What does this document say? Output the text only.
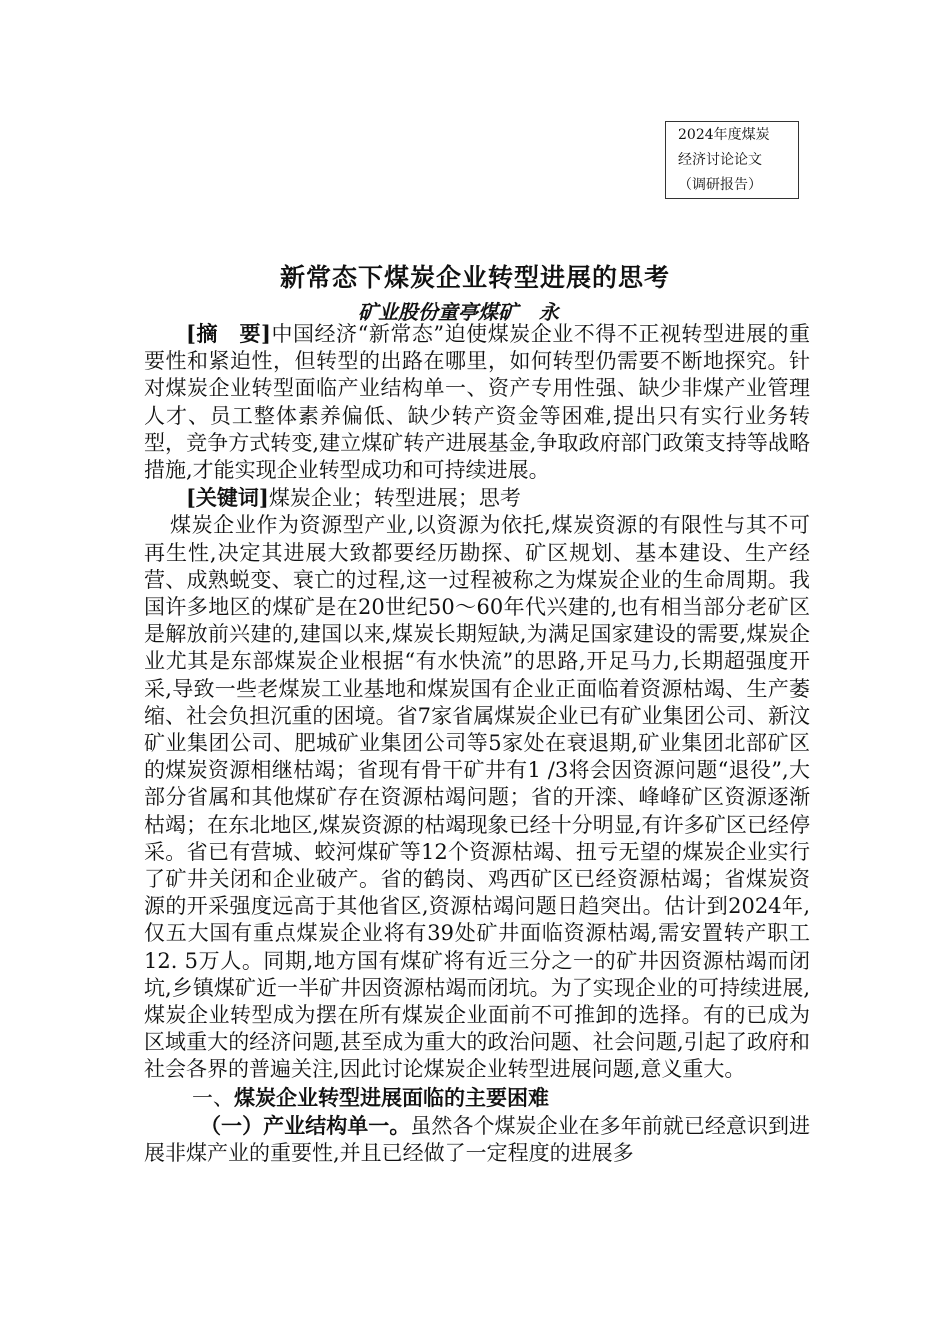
2024年度煤炭
经济讨论论文
（调研报告）
新常态下煤炭企业转型进展的思考
矿业股份童亭煤矿   永

[摘　要]中国经济“新常态”迫使煤炭企业不得不正视转型进展的重要性和紧迫性，但转型的出路在哪里，如何转型仍需要不断地探究。针对煤炭企业转型面临产业结构单一、资产专用性强、缺少非煤产业管理人才、员工整体素养偏低、缺少转产资金等困难,提出只有实行业务转型，竞争方式转变,建立煤矿转产进展基金,争取政府部门政策支持等战略措施,才能实现企业转型成功和可持续进展。

[关键词]煤炭企业；转型进展；思考

煤炭企业作为资源型产业,以资源为依托,煤炭资源的有限性与其不可再生性,决定其进展大致都要经历勘探、矿区规划、基本建设、生产经营、成熟蜕变、衰亡的过程,这一过程被称之为煤炭企业的生命周期。我国许多地区的煤矿是在20世纪50～60年代兴建的,也有相当部分老矿区是解放前兴建的,建国以来,煤炭长期短缺,为满足国家建设的需要,煤炭企业尤其是东部煤炭企业根据“有水快流”的思路,开足马力,长期超强度开采,导致一些老煤炭工业基地和煤炭国有企业正面临着资源枯竭、生产萎缩、社会负担沉重的困境。省7家省属煤炭企业已有矿业集团公司、新汶矿业集团公司、肥城矿业集团公司等5家处在衰退期,矿业集团北部矿区的煤炭资源相继枯竭；省现有骨干矿井有1 /3将会因资源问题“退役”,大部分省属和其他煤矿存在资源枯竭问题；省的开滦、峰峰矿区资源逐渐枯竭；在东北地区,煤炭资源的枯竭现象已经十分明显,有许多矿区已经停采。省已有营城、蛟河煤矿等12个资源枯竭、扭亏无望的煤炭企业实行了矿井关闭和企业破产。省的鹤岗、鸡西矿区已经资源枯竭；省煤炭资源的开采强度远高于其他省区,资源枯竭问题日趋突出。估计到2024年,仅五大国有重点煤炭企业将有39处矿井面临资源枯竭,需安置转产职工12. 5万人。同期,地方国有煤矿将有近三分之一的矿井因资源枯竭而闭坑,乡镇煤矿近一半矿井因资源枯竭而闭坑。为了实现企业的可持续进展,煤炭企业转型成为摆在所有煤炭企业面前不可推卸的选择。有的已成为区域重大的经济问题,甚至成为重大的政治问题、社会问题,引起了政府和社会各界的普遍关注,因此讨论煤炭企业转型进展问题,意义重大。

一、煤炭企业转型进展面临的主要困难

（一）产业结构单一。虽然各个煤炭企业在多年前就已经意识到进展非煤产业的重要性,并且已经做了一定程度的进展多
